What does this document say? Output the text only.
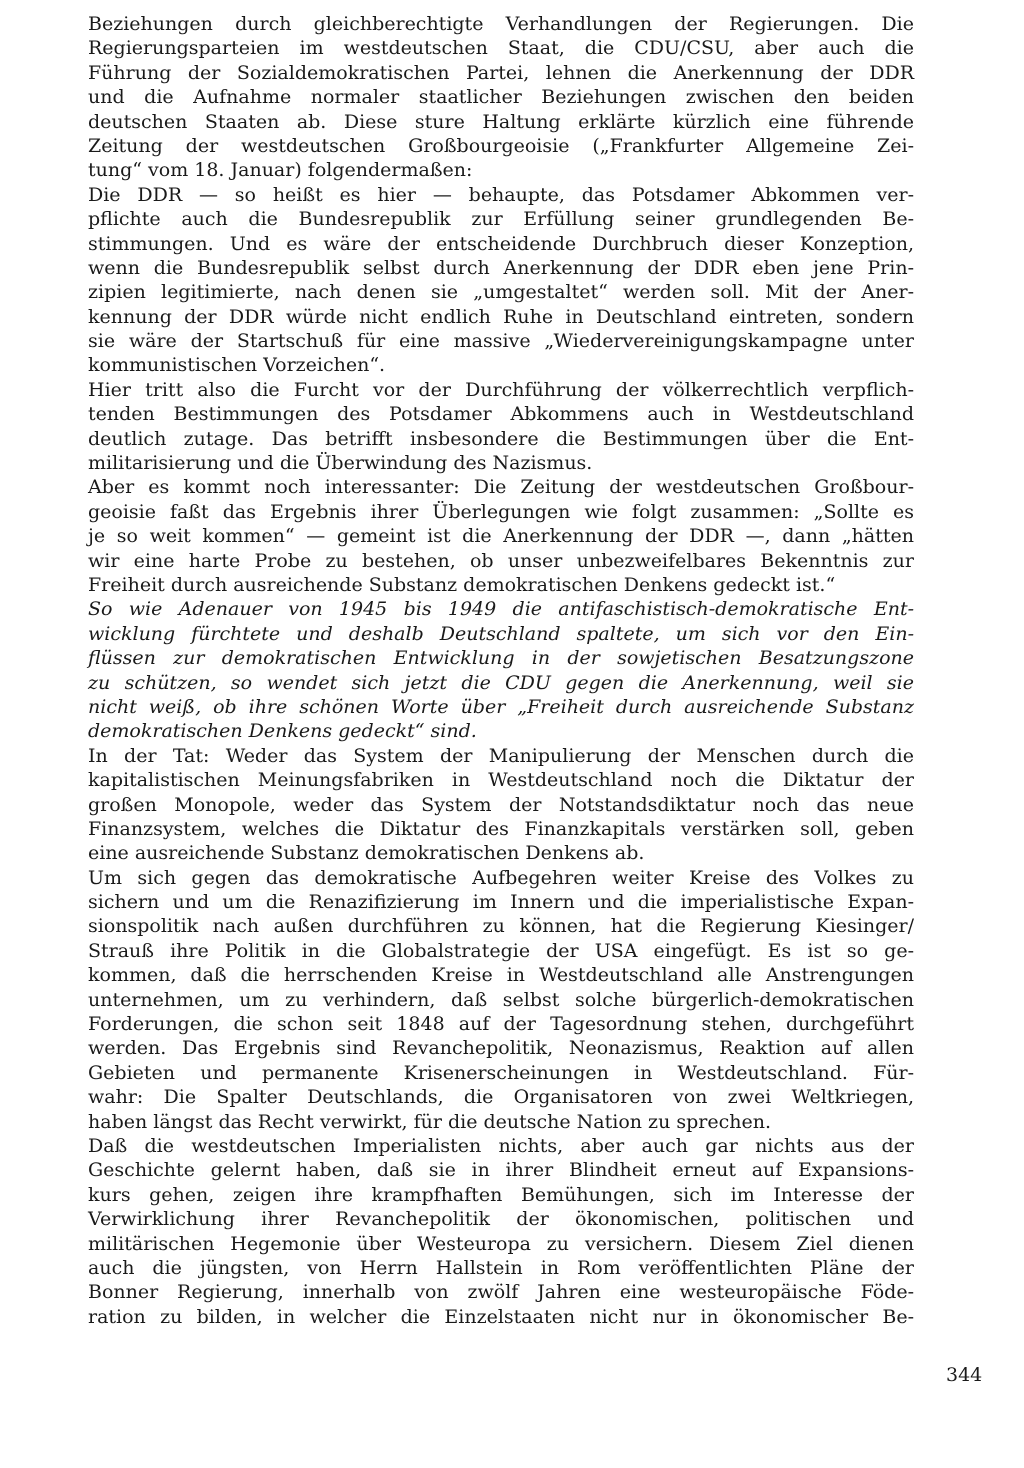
Beziehungen durch gleichberechtigte Verhandlungen der Regierungen. Die
Regierungsparteien im westdeutschen Staat, die CDU/CSU, aber auch die
Führung der Sozialdemokratischen Partei, lehnen die Anerkennung der DDR
und die Aufnahme normaler staatlicher Beziehungen zwischen den beiden
deutschen Staaten ab. Diese sture Haltung erklärte kürzlich eine führende
Zeitung der westdeutschen Großbourgeoisie („Frankfurter Allgemeine Zei-
tung“ vom 18. Januar) folgendermaßen:
Die DDR — so heißt es hier — behaupte, das Potsdamer Abkommen ver-
pflichte auch die Bundesrepublik zur Erfüllung seiner grundlegenden Be-
stimmungen. Und es wäre der entscheidende Durchbruch dieser Konzeption,
wenn die Bundesrepublik selbst durch Anerkennung der DDR eben jene Prin-
zipien legitimierte, nach denen sie „umgestaltet“ werden soll. Mit der Aner-
kennung der DDR würde nicht endlich Ruhe in Deutschland eintreten, sondern
sie wäre der Startschuß für eine massive „Wiedervereinigungskampagne unter
kommunistischen Vorzeichen“.
Hier tritt also die Furcht vor der Durchführung der völkerrechtlich verpflich-
tenden Bestimmungen des Potsdamer Abkommens auch in Westdeutschland
deutlich zutage. Das betrifft insbesondere die Bestimmungen über die Ent-
militarisierung und die Überwindung des Nazismus.
Aber es kommt noch interessanter: Die Zeitung der westdeutschen Großbour-
geoisie faßt das Ergebnis ihrer Überlegungen wie folgt zusammen: „Sollte es
je so weit kommen“ — gemeint ist die Anerkennung der DDR —, dann „hätten
wir eine harte Probe zu bestehen, ob unser unbezweifelbares Bekenntnis zur
Freiheit durch ausreichende Substanz demokratischen Denkens gedeckt ist.“
So wie Adenauer von 1945 bis 1949 die antifaschistisch-demokratische Ent-
wicklung fürchtete und deshalb Deutschland spaltete, um sich vor den Ein-
flüssen zur demokratischen Entwicklung in der sowjetischen Besatzungszone
zu schützen, so wendet sich jetzt die CDU gegen die Anerkennung, weil sie
nicht weiß, ob ihre schönen Worte über „Freiheit durch ausreichende Substanz
demokratischen Denkens gedeckt“ sind.
In der Tat: Weder das System der Manipulierung der Menschen durch die
kapitalistischen Meinungsfabriken in Westdeutschland noch die Diktatur der
großen Monopole, weder das System der Notstandsdiktatur noch das neue
Finanzsystem, welches die Diktatur des Finanzkapitals verstärken soll, geben
eine ausreichende Substanz demokratischen Denkens ab.
Um sich gegen das demokratische Aufbegehren weiter Kreise des Volkes zu
sichern und um die Renazifizierung im Innern und die imperialistische Expan-
sionspolitik nach außen durchführen zu können, hat die Regierung Kiesinger/
Strauß ihre Politik in die Globalstrategie der USA eingefügt. Es ist so ge-
kommen, daß die herrschenden Kreise in Westdeutschland alle Anstrengungen
unternehmen, um zu verhindern, daß selbst solche bürgerlich-demokratischen
Forderungen, die schon seit 1848 auf der Tagesordnung stehen, durchgeführt
werden. Das Ergebnis sind Revanchepolitik, Neonazismus, Reaktion auf allen
Gebieten und permanente Krisenerscheinungen in Westdeutschland. Für-
wahr: Die Spalter Deutschlands, die Organisatoren von zwei Weltkriegen,
haben längst das Recht verwirkt, für die deutsche Nation zu sprechen.
Daß die westdeutschen Imperialisten nichts, aber auch gar nichts aus der
Geschichte gelernt haben, daß sie in ihrer Blindheit erneut auf Expansions-
kurs gehen, zeigen ihre krampfhaften Bemühungen, sich im Interesse der
Verwirklichung ihrer Revanchepolitik der ökonomischen, politischen und
militärischen Hegemonie über Westeuropa zu versichern. Diesem Ziel dienen
auch die jüngsten, von Herrn Hallstein in Rom veröffentlichten Pläne der
Bonner Regierung, innerhalb von zwölf Jahren eine westeuropäische Föde-
ration zu bilden, in welcher die Einzelstaaten nicht nur in ökonomischer Be-
344
